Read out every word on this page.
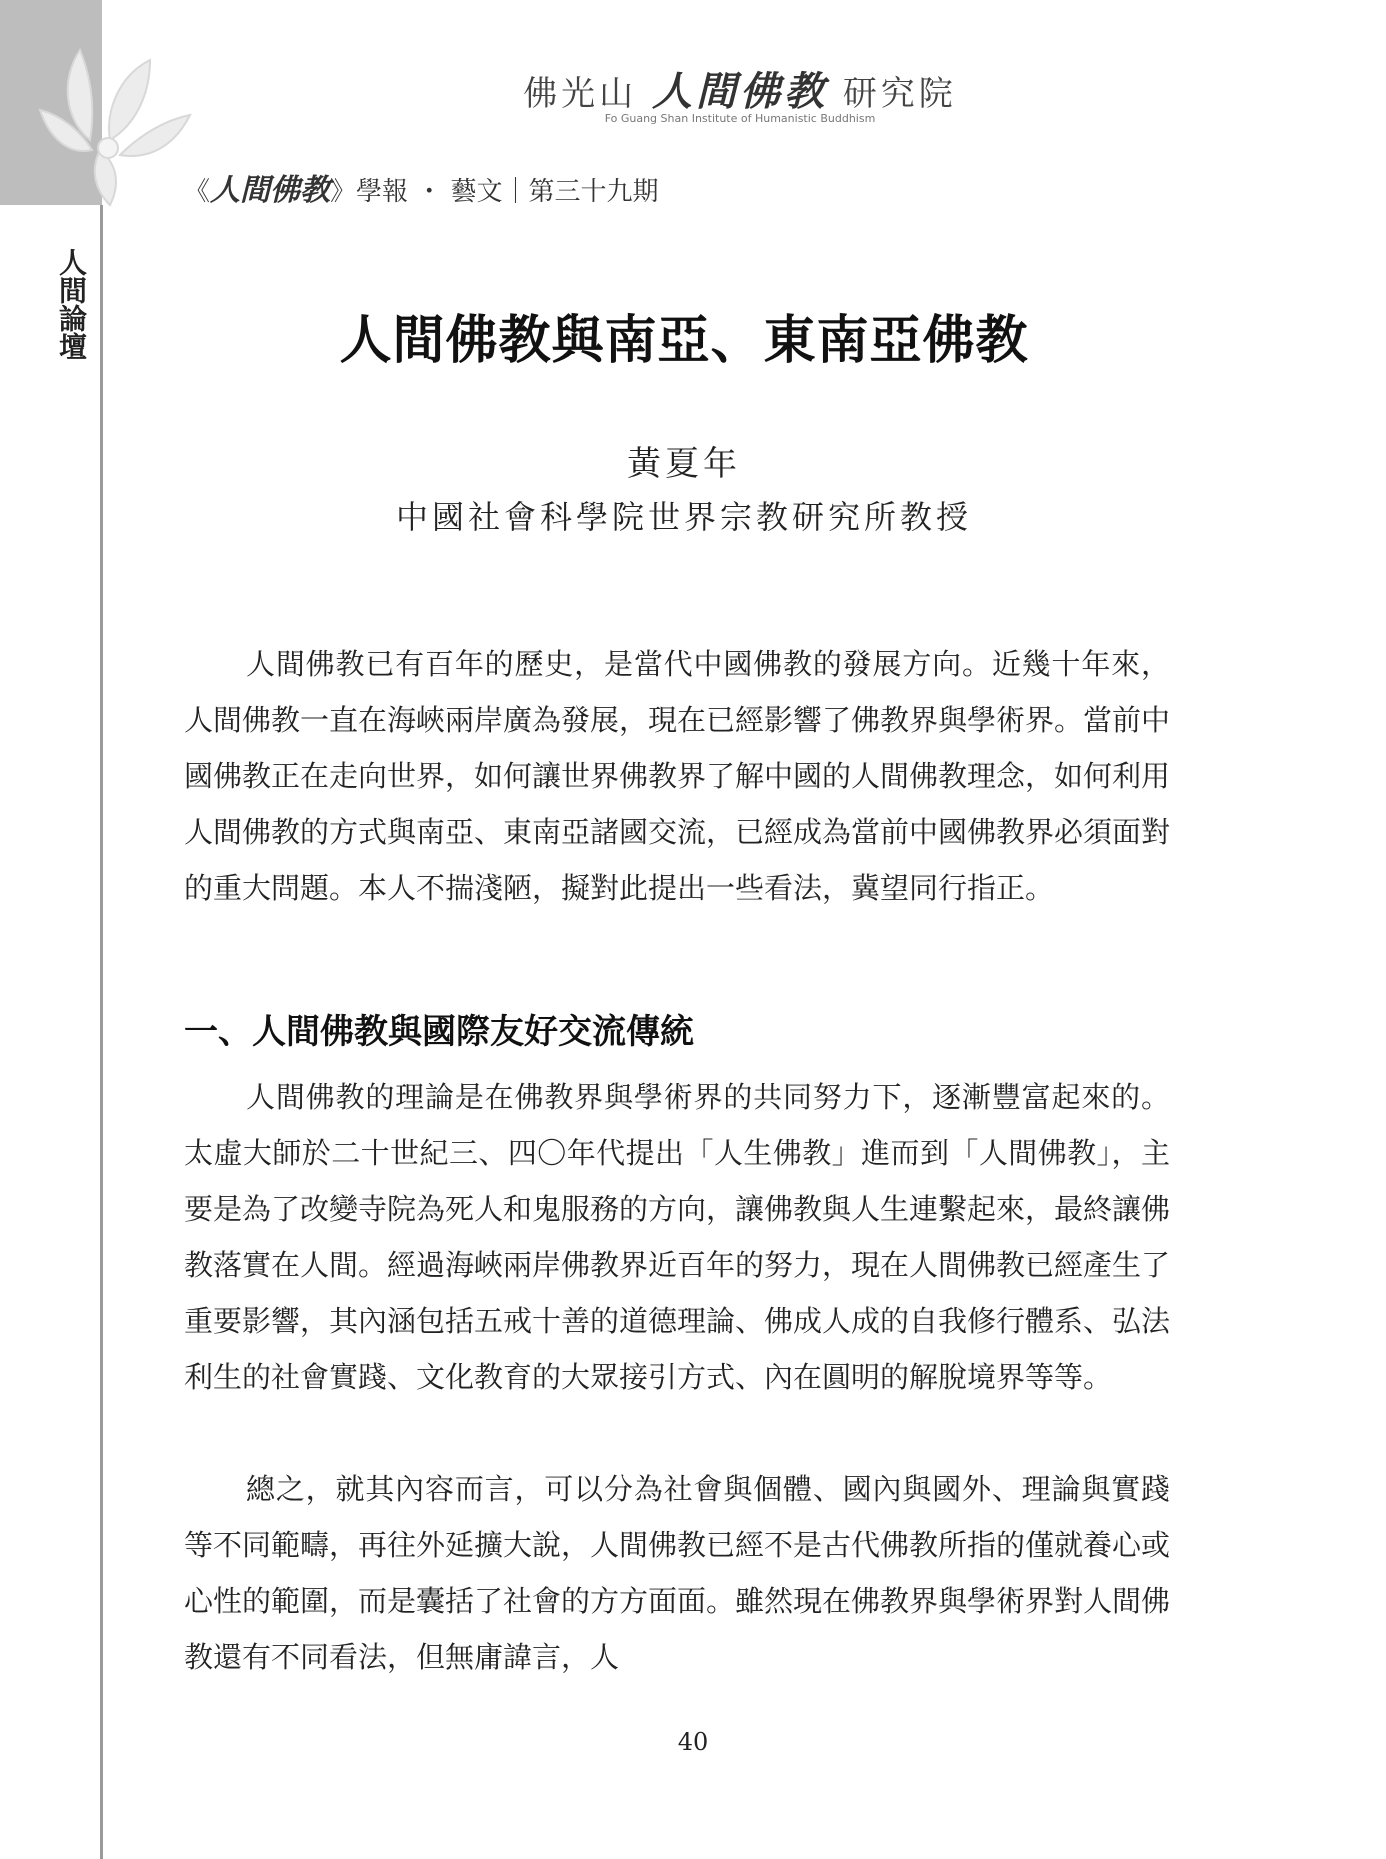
人間論壇
佛光山 人間佛教 研究院
Fo Guang Shan Institute of Humanistic Buddhism
《人間佛教》學報 ・ 藝文｜第三十九期
人間佛教與南亞、東南亞佛教
黃夏年
中國社會科學院世界宗教研究所教授

人間佛教已有百年的歷史，是當代中國佛教的發展方向。近幾十年來，人間佛教一直在海峽兩岸廣為發展，現在已經影響了佛教界與學術界。當前中國佛教正在走向世界，如何讓世界佛教界了解中國的人間佛教理念，如何利用人間佛教的方式與南亞、東南亞諸國交流，已經成為當前中國佛教界必須面對的重大問題。本人不揣淺陋，擬對此提出一些看法，冀望同行指正。

一、人間佛教與國際友好交流傳統

人間佛教的理論是在佛教界與學術界的共同努力下，逐漸豐富起來的。太虛大師於二十世紀三、四〇年代提出「人生佛教」進而到「人間佛教」，主要是為了改變寺院為死人和鬼服務的方向，讓佛教與人生連繫起來，最終讓佛教落實在人間。經過海峽兩岸佛教界近百年的努力，現在人間佛教已經產生了重要影響，其內涵包括五戒十善的道德理論、佛成人成的自我修行體系、弘法利生的社會實踐、文化教育的大眾接引方式、內在圓明的解脫境界等等。

總之，就其內容而言，可以分為社會與個體、國內與國外、理論與實踐等不同範疇，再往外延擴大說，人間佛教已經不是古代佛教所指的僅就養心或心性的範圍，而是囊括了社會的方方面面。雖然現在佛教界與學術界對人間佛教還有不同看法，但無庸諱言，人

40
